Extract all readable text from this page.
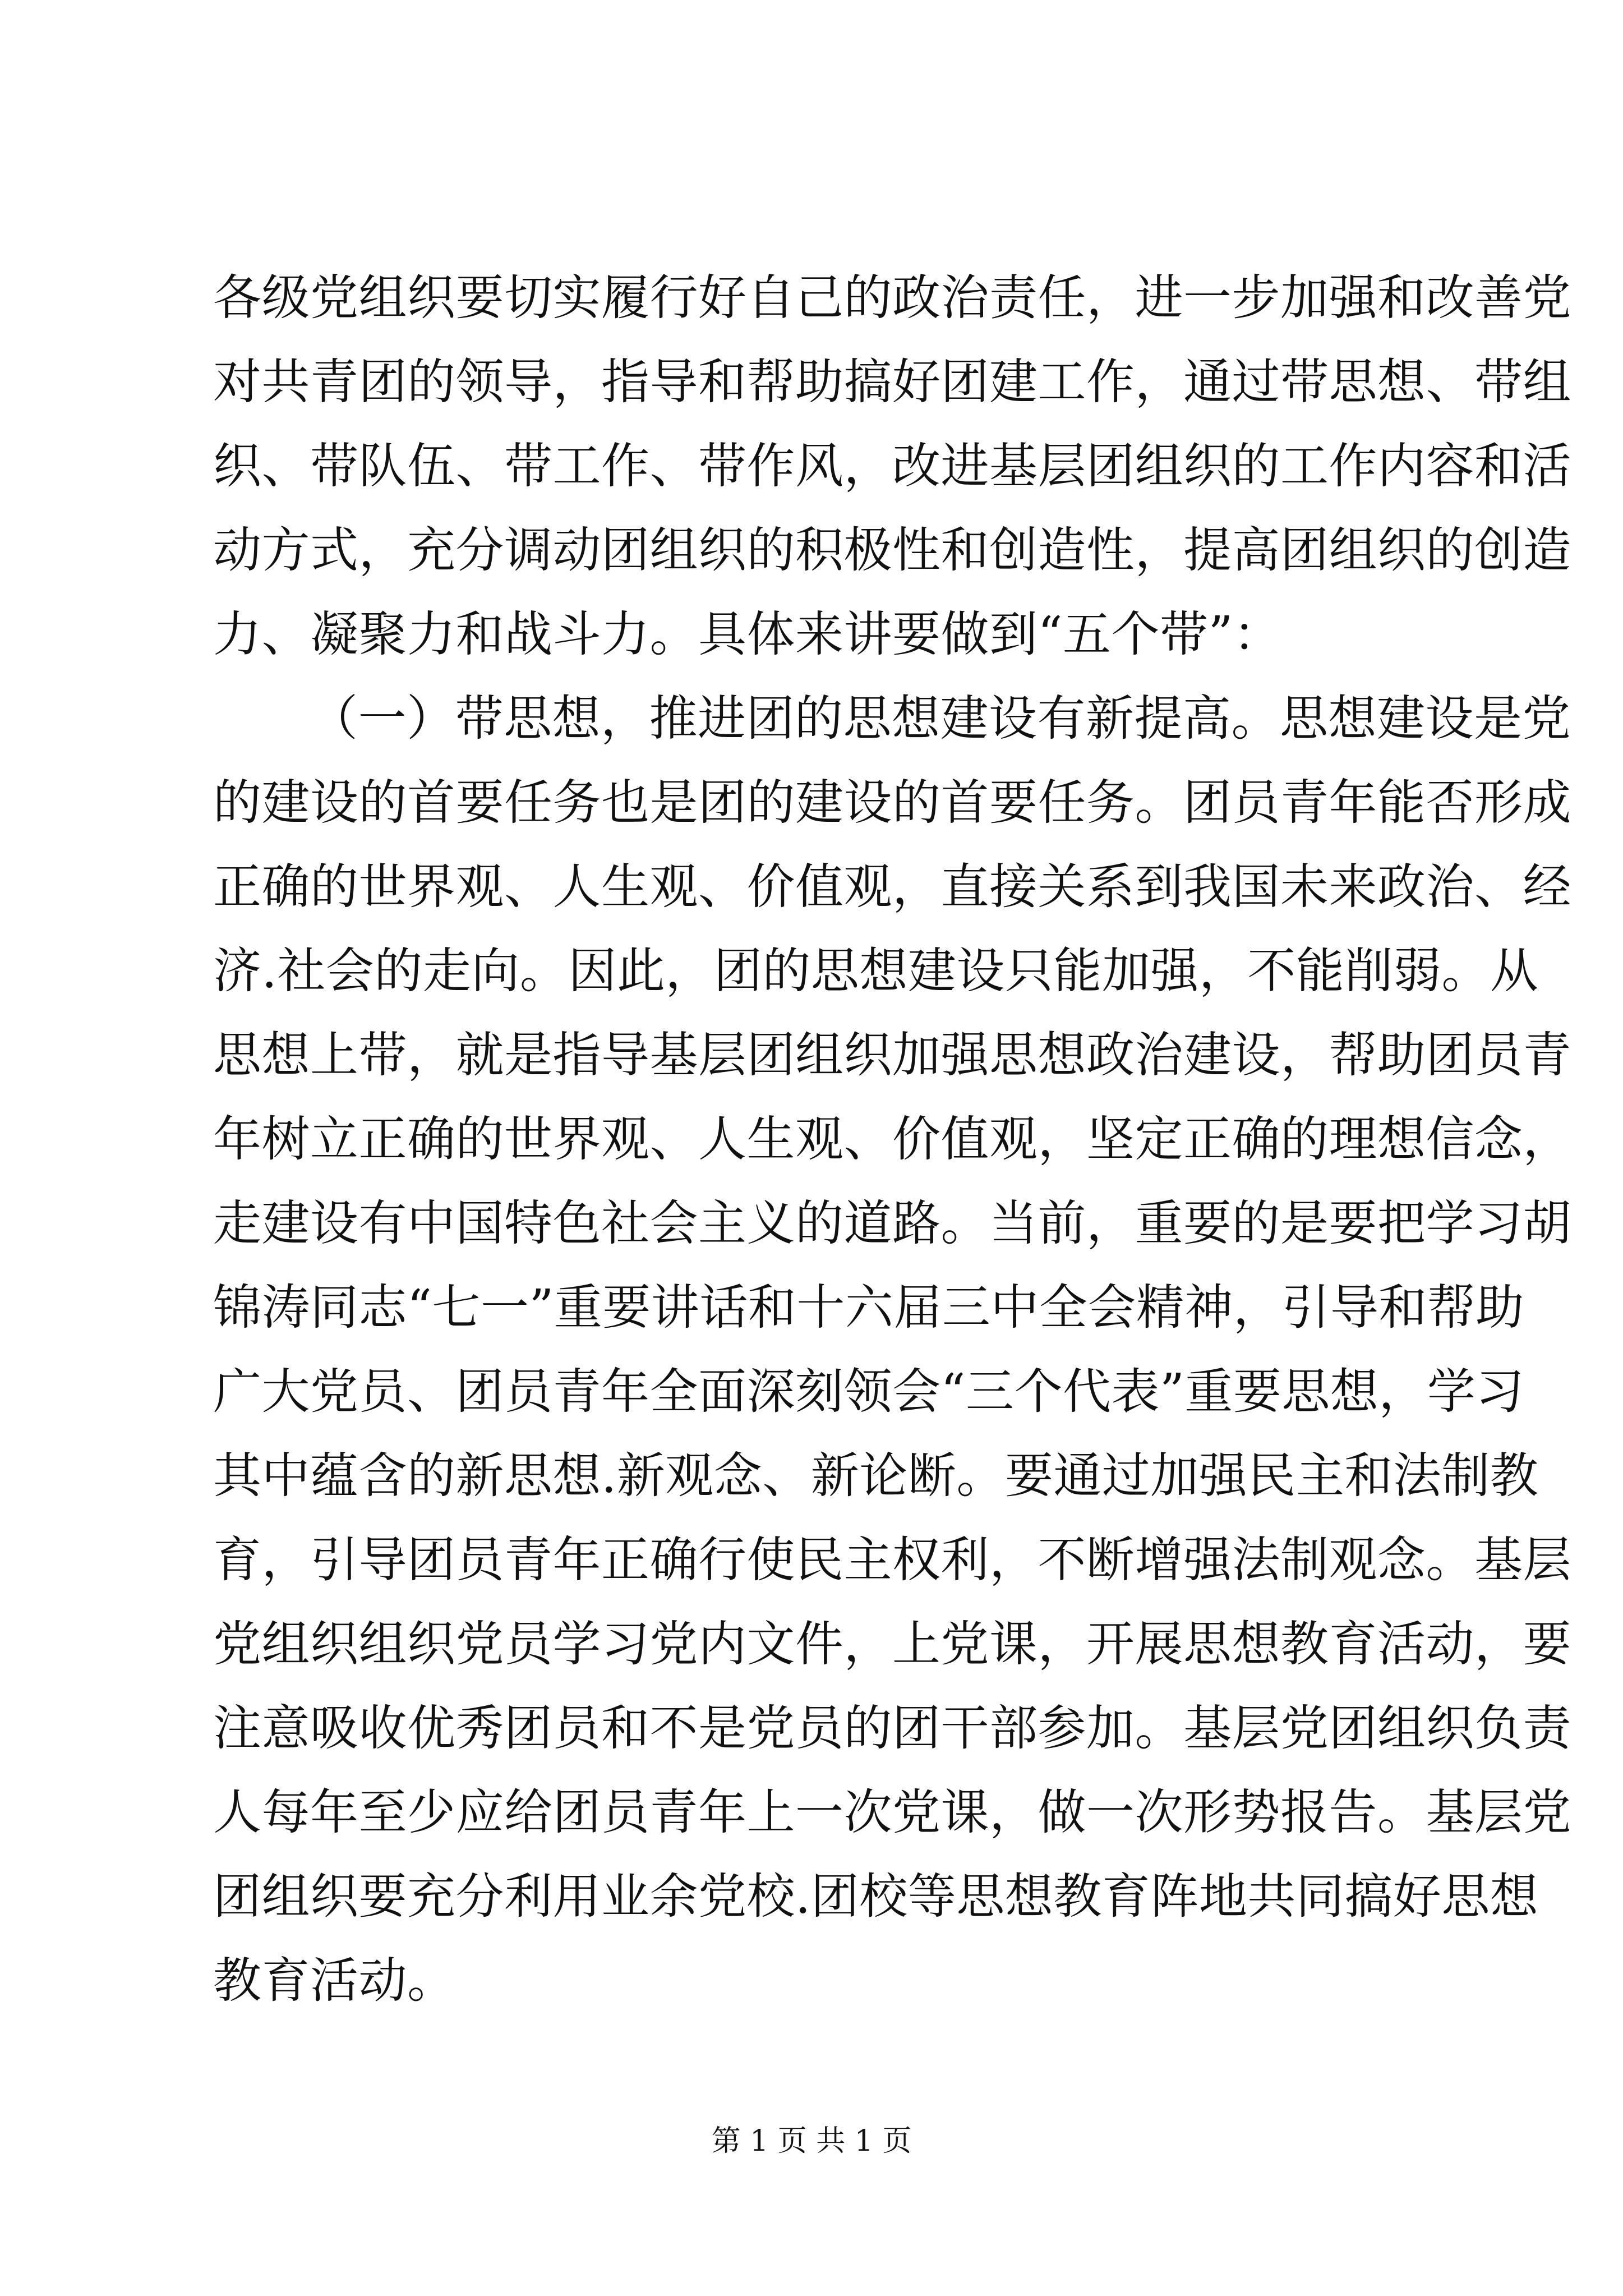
各级党组织要切实履行好自己的政治责任，进一步加强和改善党
对共青团的领导，指导和帮助搞好团建工作，通过带思想、带组
织、带队伍、带工作、带作风，改进基层团组织的工作内容和活
动方式，充分调动团组织的积极性和创造性，提高团组织的创造
力、凝聚力和战斗力。具体来讲要做到“五个带”：
（一）带思想，推进团的思想建设有新提高。思想建设是党
的建设的首要任务也是团的建设的首要任务。团员青年能否形成
正确的世界观、人生观、价值观，直接关系到我国未来政治、经
济.社会的走向。因此，团的思想建设只能加强，不能削弱。从
思想上带，就是指导基层团组织加强思想政治建设，帮助团员青
年树立正确的世界观、人生观、价值观，坚定正确的理想信念，
走建设有中国特色社会主义的道路。当前，重要的是要把学习胡
锦涛同志“七一”重要讲话和十六届三中全会精神，引导和帮助
广大党员、团员青年全面深刻领会“三个代表”重要思想，学习
其中蕴含的新思想.新观念、新论断。要通过加强民主和法制教
育，引导团员青年正确行使民主权利，不断增强法制观念。基层
党组织组织党员学习党内文件，上党课，开展思想教育活动，要
注意吸收优秀团员和不是党员的团干部参加。基层党团组织负责
人每年至少应给团员青年上一次党课，做一次形势报告。基层党
团组织要充分利用业余党校.团校等思想教育阵地共同搞好思想
教育活动。
第 1 页 共 1 页
